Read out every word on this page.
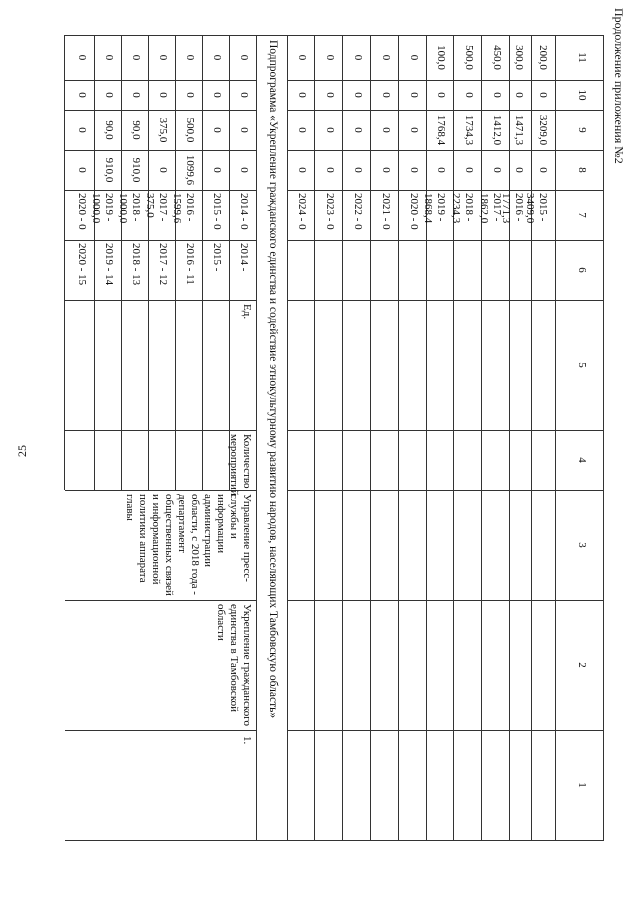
25
Продолжение приложения №2
11
10
9
8
7
6
5
4
3
2
1
200,0
0
3209,0
0
2015 - 3409,0
300,0
0
1471,3
0
2016 - 1771,3
450,0
0
1412,0
0
2017 - 1862,0
500,0
0
1734,3
0
2018 - 2234,3
100,0
0
1768,4
0
2019 - 1868,4
0
0
0
0
2020 - 0
0
0
0
0
2021 - 0
0
0
0
0
2022 - 0
0
0
0
0
2023 - 0
0
0
0
0
2024 - 0
Подпрограмма «Укрепление гражданского единства и содействие этнокультурному развитию народов, населяющих Тамбовскую область»
1.
Укрепление гражданского единства в Тамбовской области
Управление пресс-службы и информации администрации области, с 2018 года - департамент общественных связей и информационной политики аппарата главы
Количество мероприятий
Ед.
0
0
0
0
2014 - 0
2014 -
0
0
0
0
2015 - 0
2015 -
0
0
500,0
1099,6
2016 - 1599,6
2016 - 11
0
0
375,0
0
2017 - 375,0
2017 - 12
0
0
90,0
910,0
2018 - 1000,0
2018 - 13
0
0
90,0
910,0
2019 - 1000,0
2019 - 14
0
0
0
0
2020 - 0
2020 - 15
